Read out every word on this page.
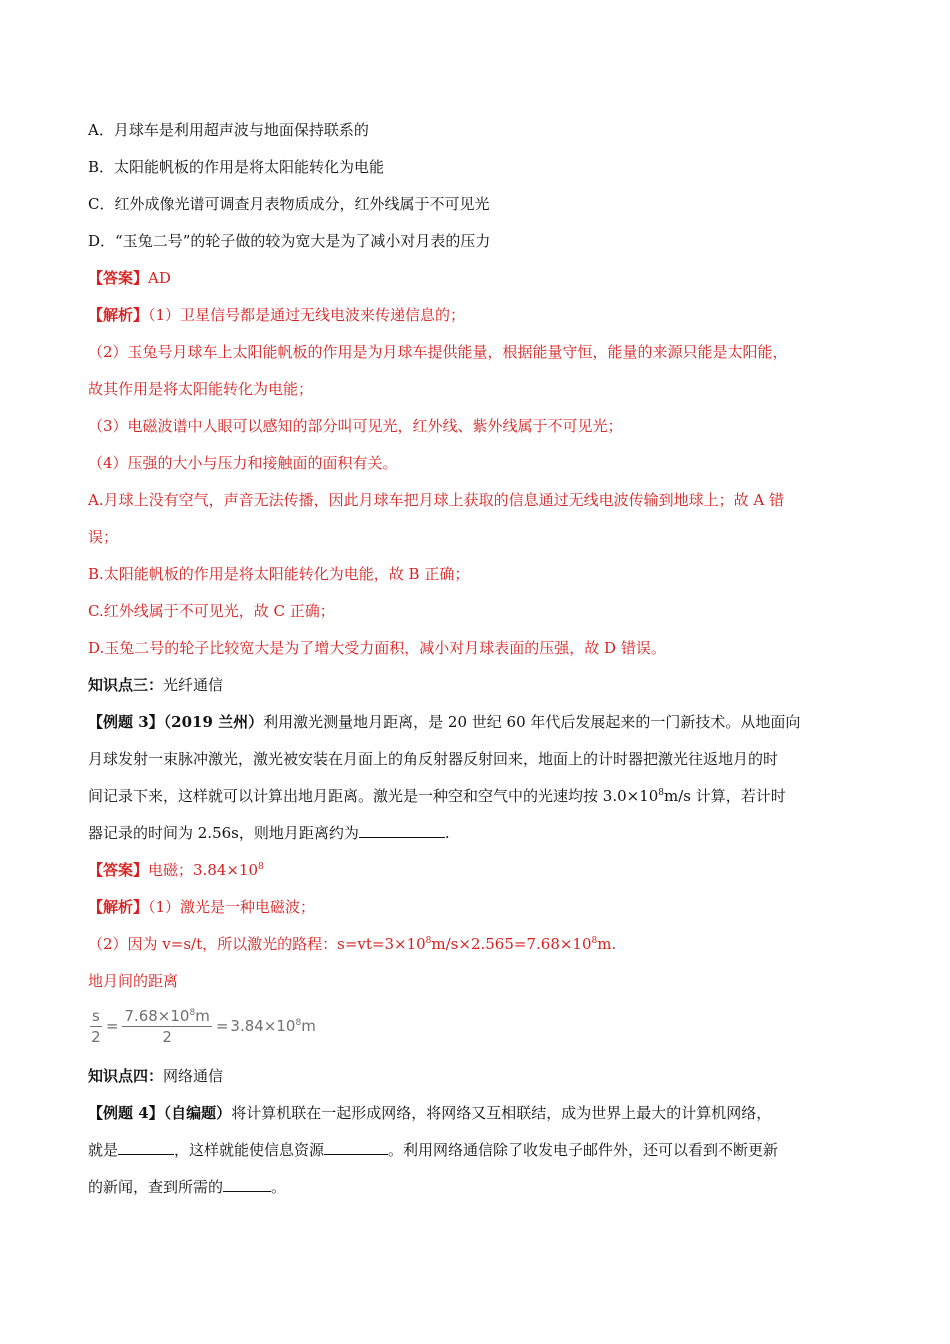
A．月球车是利用超声波与地面保持联系的
B．太阳能帆板的作用是将太阳能转化为电能
C．红外成像光谱可调查月表物质成分，红外线属于不可见光
D．“玉兔二号”的轮子做的较为宽大是为了减小对月表的压力
【答案】AD
【解析】（1）卫星信号都是通过无线电波来传递信息的；
（2）玉兔号月球车上太阳能帆板的作用是为月球车提供能量，根据能量守恒，能量的来源只能是太阳能，
故其作用是将太阳能转化为电能；
（3）电磁波谱中人眼可以感知的部分叫可见光，红外线、紫外线属于不可见光；
（4）压强的大小与压力和接触面的面积有关。
A.月球上没有空气，声音无法传播，因此月球车把月球上获取的信息通过无线电波传输到地球上；故 A 错
误；
B.太阳能帆板的作用是将太阳能转化为电能，故 B 正确；
C.红外线属于不可见光，故 C 正确；
D.玉兔二号的轮子比较宽大是为了增大受力面积，减小对月球表面的压强，故 D 错误。
知识点三：光纤通信
【例题 3】（2019 兰州）利用激光测量地月距离，是 20 世纪 60 年代后发展起来的一门新技术。从地面向
月球发射一束脉冲激光，激光被安装在月面上的角反射器反射回来，地面上的计时器把激光往返地月的时
间记录下来，这样就可以计算出地月距离。激光是一种空和空气中的光速均按 $3.0\times 10^8m/s$ 计算，若计时
器记录的时间为 2.56s，则地月距离约为	.
【答案】电磁；$3.84\times 10^8$
【解析】（1）激光是一种电磁波；
（2）因为 v=s/t，所以激光的路程：$s=vt=3\times 10^8m/s\times 2.565=7.68\times 10^8m$.
地月间的距离
$\frac{s}{2} = \frac{7.68\times 10^8m}{2} = 3.84\times 10^8m$
知识点四：网络通信
【例题 4】（自编题）将计算机联在一起形成网络，将网络又互相联结，成为世界上最大的计算机网络，
就是	，这样就能使信息资源	。利用网络通信除了收发电子邮件外，还可以看到不断更新
的新闻，查到所需的	。
